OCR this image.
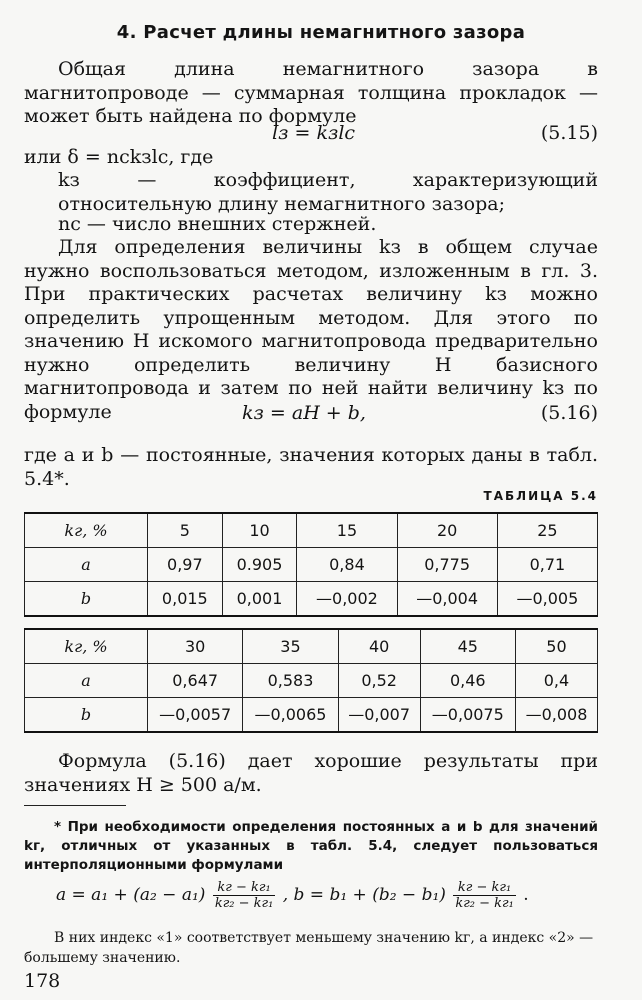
4. Расчет длины немагнитного зазора
Общая длина немагнитного зазора в магнитопроводе — суммарная толщина прокладок — может быть найдена по формуле
lз = kзlс	(5.15)
или δ = nсkзlс, где
kз — коэффициент, характеризующий относительную длину немагнитного зазора;
nс — число внешних стержней.
Для определения величины kз в общем случае нужно воспользоваться методом, изложенным в гл. 3. При практических расчетах величину kз можно определить упрощенным методом. Для этого по значению H искомого магнитопровода предварительно нужно определить величину H базисного магнитопровода и затем по ней найти величину kз по формуле	kз = aH + b,	(5.16)
где a и b — постоянные, значения которых даны в табл. 5.4*.
ТАБЛИЦА 5.4
kг, %	5	10	15	20	25
a	0,97	0.905	0,84	0,775	0,71
b	0,015	0,001	—0,002	—0,004	—0,005
kг, %	30	35	40	45	50
a	0,647	0,583	0,52	0,46	0,4
b	—0,0057	—0,0065	—0,007	—0,0075	—0,008
Формула (5.16) дает хорошие результаты при значениях H ≥ 500 а/м.
* При необходимости определения постоянных a и b для значений kг, отличных от указанных в табл. 5.4, следует пользоваться интерполяционными формулами
$a = a_1 + (a_2 - a_1) \frac{\text{kг − kг₁}}{\text{kг₂ − kг₁}}$ , $b = b_1 + (b_2 - b_1) \frac{\text{kг − kг₁}}{\text{kг₂ − kг₁}}$ .
В них индекс «1» соответствует меньшему значению kг, а индекс «2» — большему значению.
178
